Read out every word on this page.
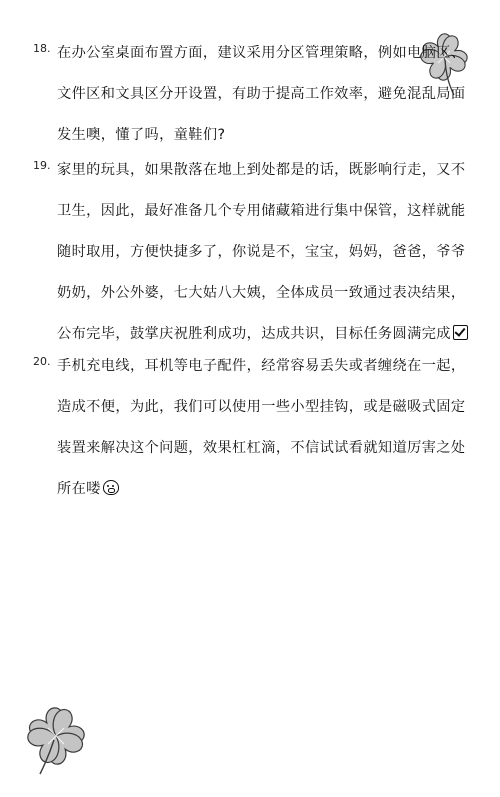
18. 在办公室桌面布置方面，建议采用分区管理策略，例如电脑区、文件区和文具区分开设置，有助于提高工作效率，避免混乱局面发生噢，懂了吗，童鞋们?
19. 家里的玩具，如果散落在地上到处都是的话，既影响行走，又不卫生，因此，最好准备几个专用储藏箱进行集中保管，这样就能随时取用，方便快捷多了，你说是不，宝宝，妈妈，爸爸，爷爷奶奶，外公外婆，七大姑八大姨，全体成员一致通过表决结果，公布完毕，鼓掌庆祝胜利成功，达成共识，目标任务圆满完成
20. 手机充电线，耳机等电子配件，经常容易丢失或者缠绕在一起，造成不便，为此，我们可以使用一些小型挂钩，或是磁吸式固定装置来解决这个问题，效果杠杠滴，不信试试看就知道厉害之处所在喽
